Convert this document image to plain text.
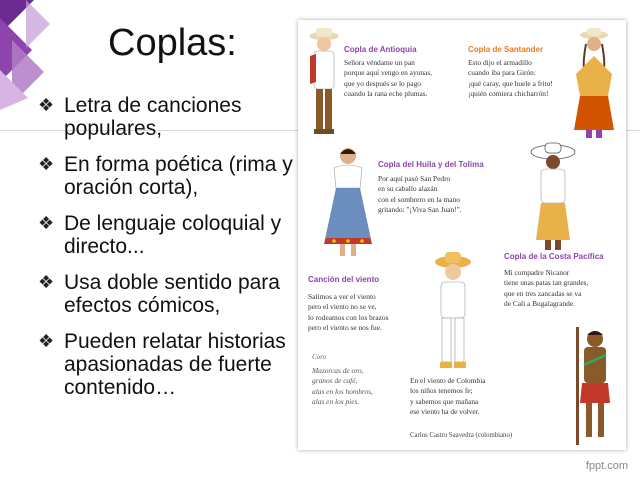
Coplas:
❖ Letra de canciones populares,
❖ En forma poética (rima y oración corta),
❖ De lenguaje coloquial y directo...
❖ Usa doble sentido para efectos cómicos,
❖ Pueden relatar historias apasionadas de fuerte contenido…
Copla de Antioquia
Señora véndame un pan
porque aquí vengo en ayunas,
que yo después se lo pago
cuando la rana eche plumas.
Copla de Santander
Esto dijo el armadillo
cuando iba para Girón:
¡qué caray, que huele a frito!
¡quién comiera chicharrón!
Copla del Huila y del Tolima
Por aquí pasó San Pedro
en su caballo alazán
con el sombrero en la mano
gritando: "¡Viva San Juan!".
Canción del viento
Salimos a ver el viento
pero el viento no se ve,
lo rodeamos con los brazos
pero el viento se nos fue.
Coro
Mazorcas de oro,
granos de café,
alas en los hombros,
alas en los pies.
Copla de la Costa Pacífica
Mi compadre Nicanor
tiene unas patas tan grandes,
que en tres zancadas se va
de Cali a Bugalagrande.
En el viento de Colombia
los niños tenemos fe;
y sabemos que mañana
ese viento ha de volver.
Carlos Castro Saavedra (colombiano)
fppt.com
